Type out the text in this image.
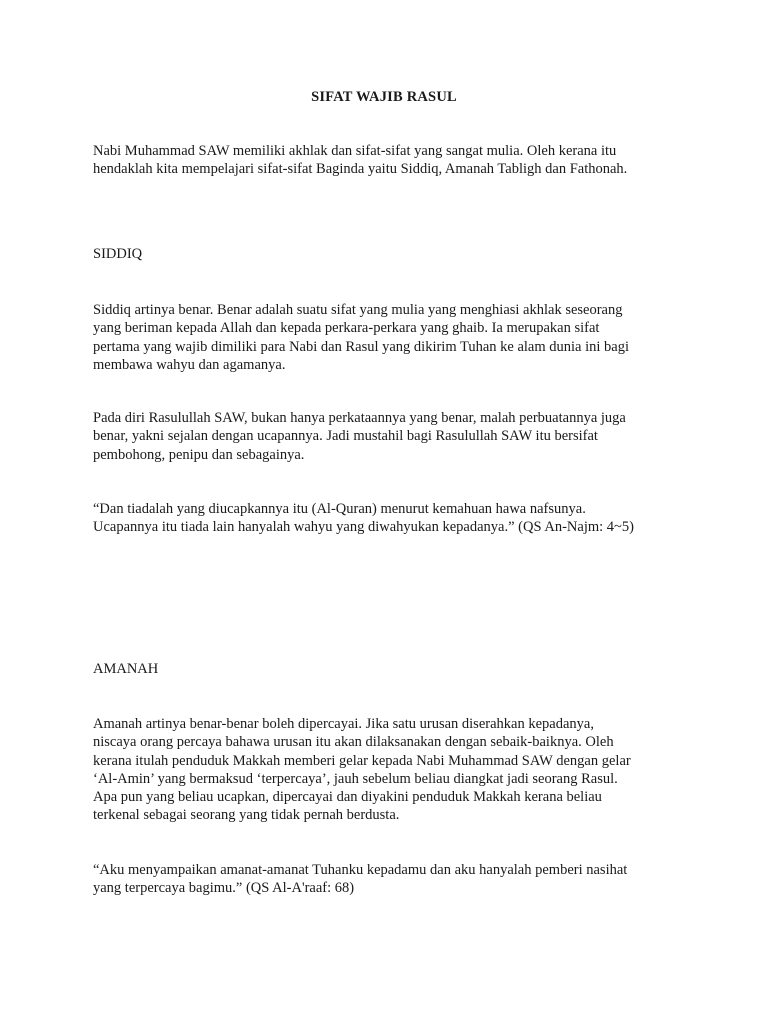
SIFAT WAJIB RASUL

Nabi Muhammad SAW memiliki akhlak dan sifat-sifat yang sangat mulia. Oleh kerana itu
hendaklah kita mempelajari sifat-sifat Baginda yaitu Siddiq, Amanah Tabligh dan Fathonah.

SIDDIQ

Siddiq artinya benar. Benar adalah suatu sifat yang mulia yang menghiasi akhlak seseorang
yang beriman kepada Allah dan kepada perkara-perkara yang ghaib. Ia merupakan sifat
pertama yang wajib dimiliki para Nabi dan Rasul yang dikirim Tuhan ke alam dunia ini bagi
membawa wahyu dan agamanya.

Pada diri Rasulullah SAW, bukan hanya perkataannya yang benar, malah perbuatannya juga
benar, yakni sejalan dengan ucapannya. Jadi mustahil bagi Rasulullah SAW itu bersifat
pembohong, penipu dan sebagainya.

“Dan tiadalah yang diucapkannya itu (Al-Quran) menurut kemahuan hawa nafsunya.
Ucapannya itu tiada lain hanyalah wahyu yang diwahyukan kepadanya.” (QS An-Najm: 4~5)

AMANAH

Amanah artinya benar-benar boleh dipercayai. Jika satu urusan diserahkan kepadanya,
niscaya orang percaya bahawa urusan itu akan dilaksanakan dengan sebaik-baiknya. Oleh
kerana itulah penduduk Makkah memberi gelar kepada Nabi Muhammad SAW dengan gelar
‘Al-Amin’ yang bermaksud ‘terpercaya’, jauh sebelum beliau diangkat jadi seorang Rasul.
Apa pun yang beliau ucapkan, dipercayai dan diyakini penduduk Makkah kerana beliau
terkenal sebagai seorang yang tidak pernah berdusta.

“Aku menyampaikan amanat-amanat Tuhanku kepadamu dan aku hanyalah pemberi nasihat
yang terpercaya bagimu.” (QS Al-A'raaf: 68)
